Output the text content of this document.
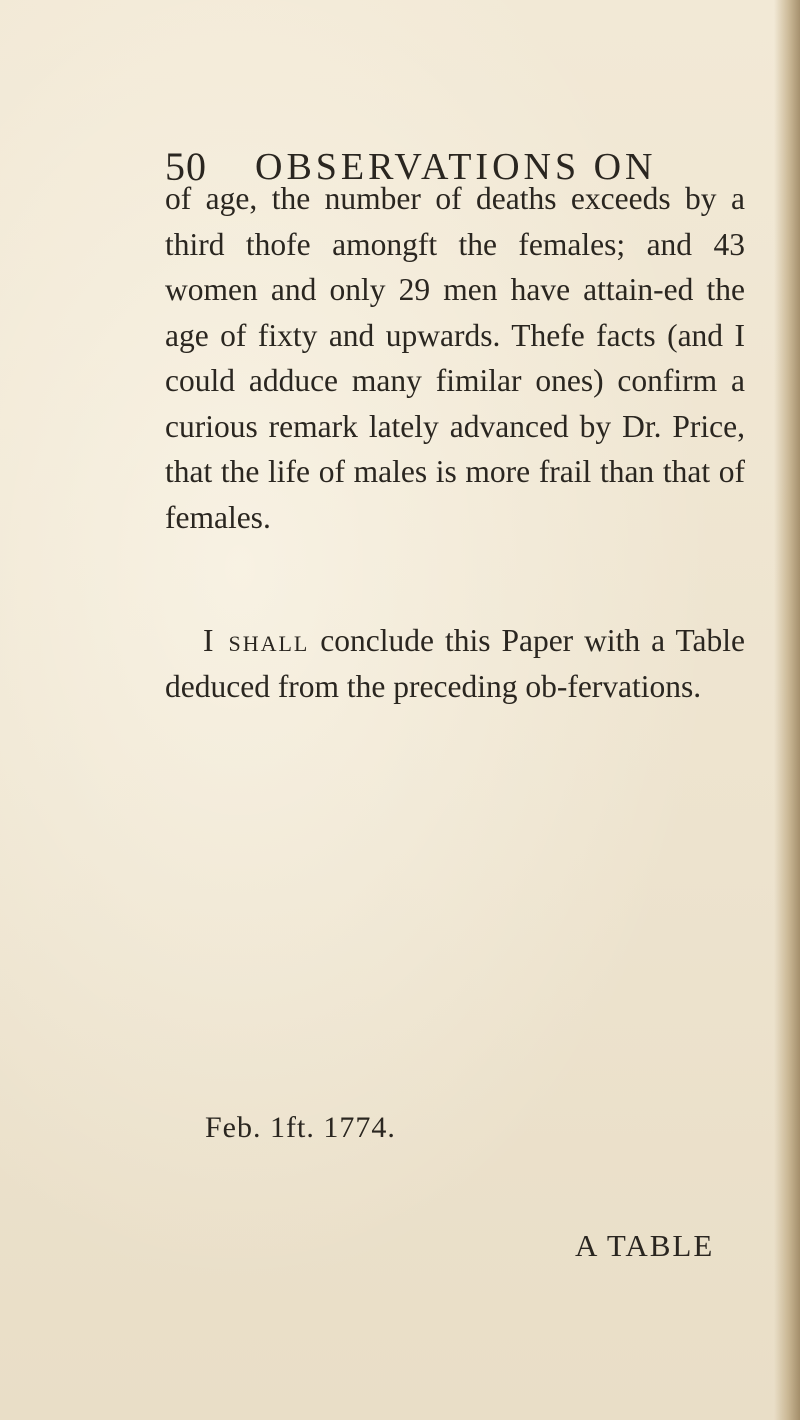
50 OBSERVATIONS ON

of age, the number of deaths exceeds by a third thofe amongft the females; and 43 women and only 29 men have attain-ed the age of fixty and upwards. Thefe facts (and I could adduce many fimilar ones) confirm a curious remark lately advanced by Dr. Price, that the life of males is more frail than that of females.

I shall conclude this Paper with a Table deduced from the preceding ob-fervations.

Feb. 1ft. 1774.
A TABLE
